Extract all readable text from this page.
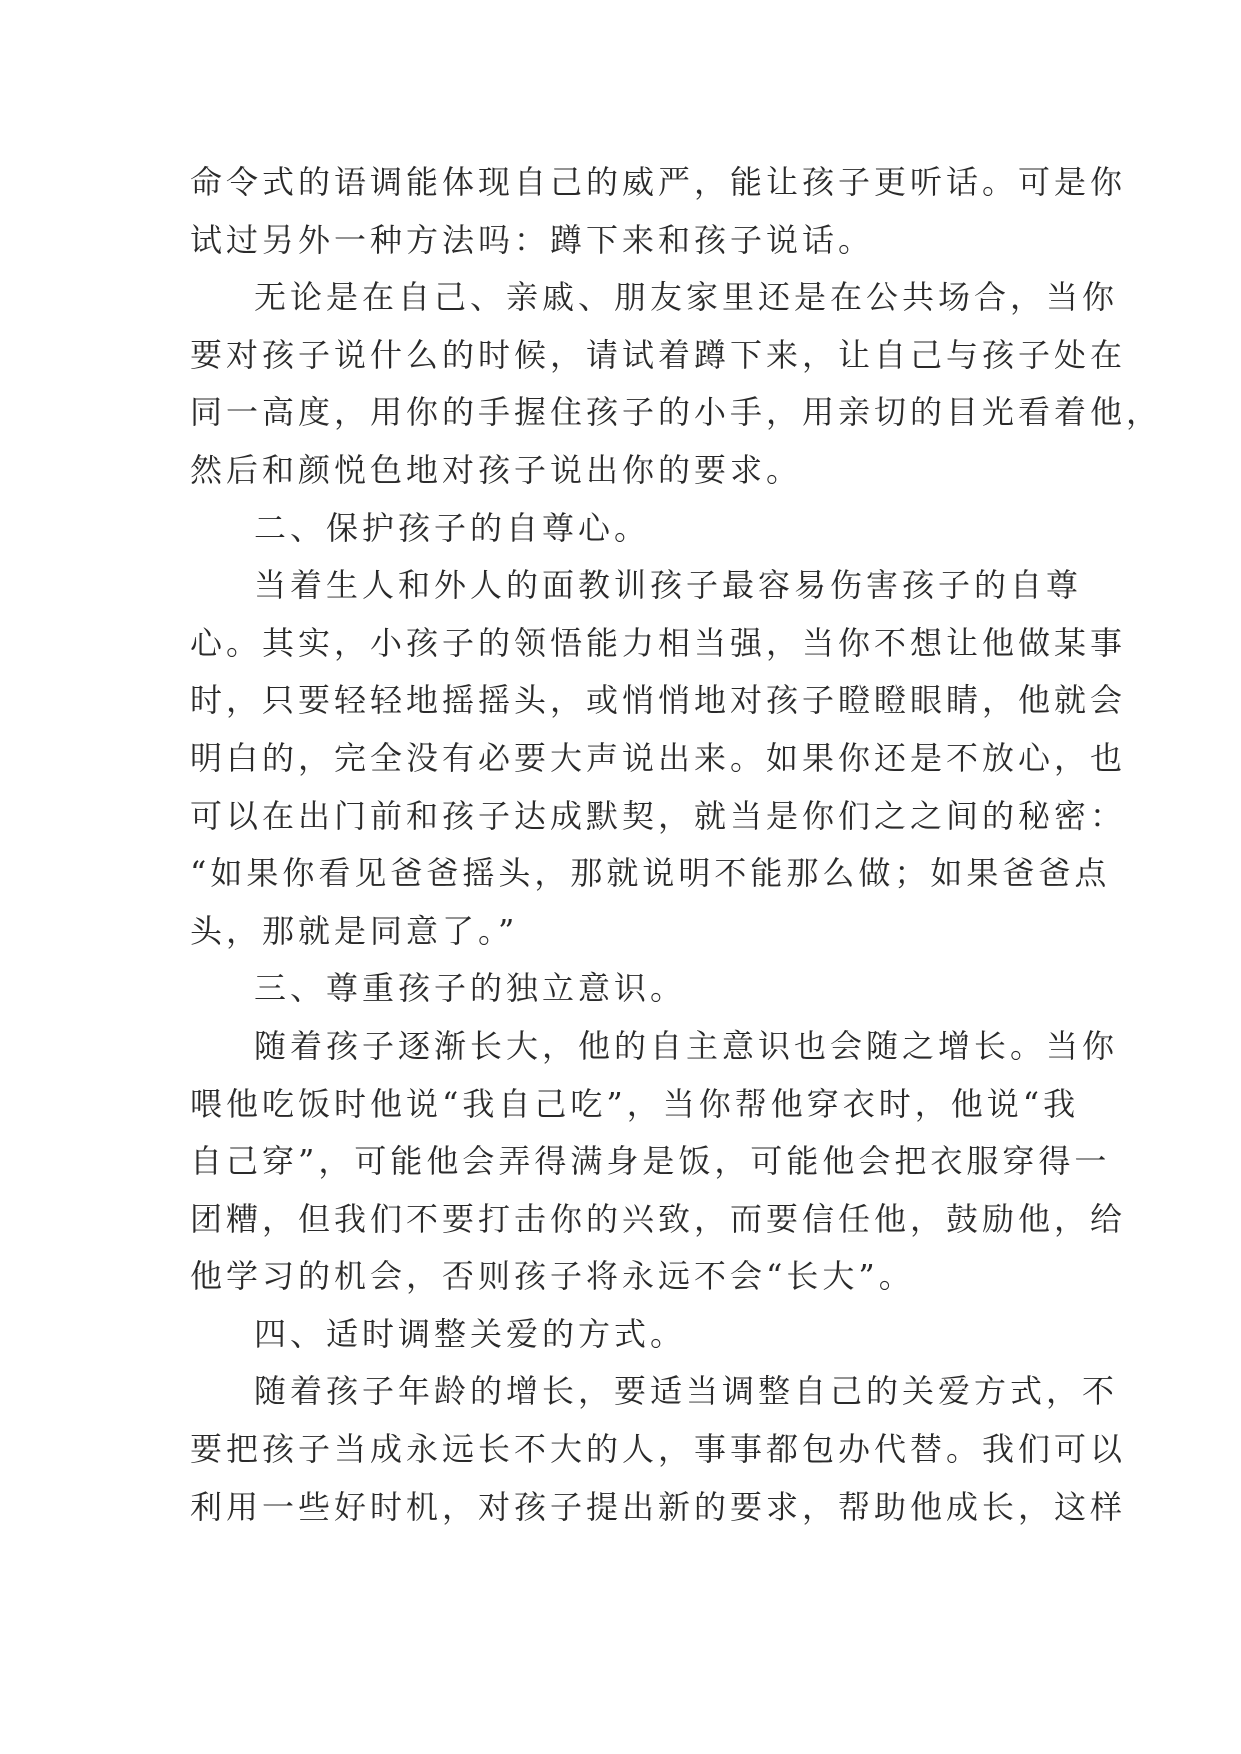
命令式的语调能体现自己的威严，能让孩子更听话。可是你
试过另外一种方法吗：蹲下来和孩子说话。
无论是在自己、亲戚、朋友家里还是在公共场合，当你
要对孩子说什么的时候，请试着蹲下来，让自己与孩子处在
同一高度，用你的手握住孩子的小手，用亲切的目光看着他，
然后和颜悦色地对孩子说出你的要求。
二、保护孩子的自尊心。
当着生人和外人的面教训孩子最容易伤害孩子的自尊
心。其实，小孩子的领悟能力相当强，当你不想让他做某事
时，只要轻轻地摇摇头，或悄悄地对孩子瞪瞪眼睛，他就会
明白的，完全没有必要大声说出来。如果你还是不放心，也
可以在出门前和孩子达成默契，就当是你们之之间的秘密：
“如果你看见爸爸摇头，那就说明不能那么做；如果爸爸点
头，那就是同意了。”
三、尊重孩子的独立意识。
随着孩子逐渐长大，他的自主意识也会随之增长。当你
喂他吃饭时他说“我自己吃”，当你帮他穿衣时，他说“我
自己穿”，可能他会弄得满身是饭，可能他会把衣服穿得一
团糟，但我们不要打击你的兴致，而要信任他，鼓励他，给
他学习的机会，否则孩子将永远不会“长大”。
四、适时调整关爱的方式。
随着孩子年龄的增长，要适当调整自己的关爱方式，不
要把孩子当成永远长不大的人，事事都包办代替。我们可以
利用一些好时机，对孩子提出新的要求，帮助他成长，这样
